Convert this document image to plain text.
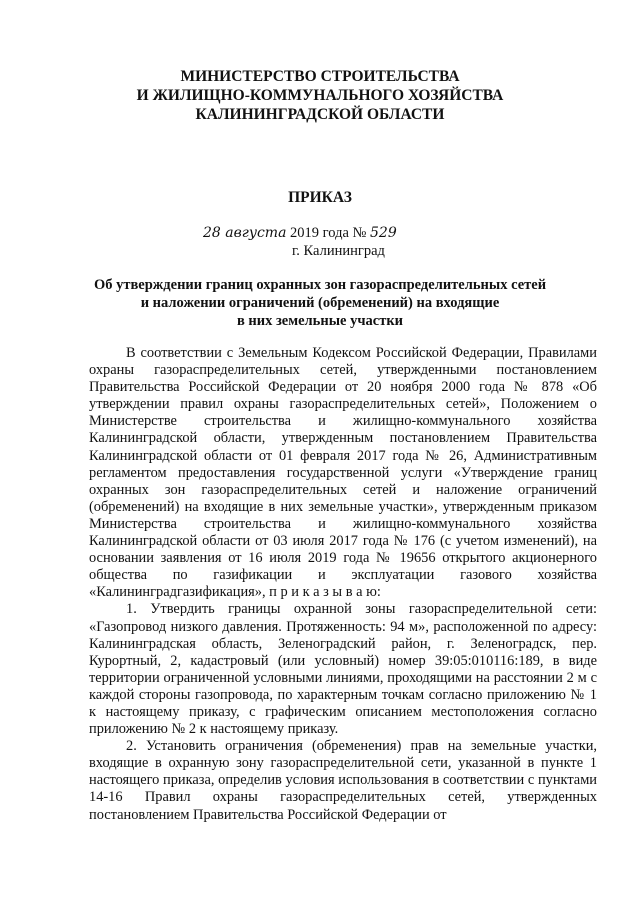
МИНИСТЕРСТВО СТРОИТЕЛЬСТВА
И ЖИЛИЩНО-КОММУНАЛЬНОГО ХОЗЯЙСТВА
КАЛИНИНГРАДСКОЙ ОБЛАСТИ
ПРИКАЗ
28 августа 2019 года № 529
г. Калининград
Об утверждении границ охранных зон газораспределительных сетей
и наложении ограничений (обременений) на входящие
в них земельные участки

В соответствии с Земельным Кодексом Российской Федерации, Правилами охраны газораспределительных сетей, утвержденными постановлением Правительства Российской Федерации от 20 ноября 2000 года № 878 «Об утверждении правил охраны газораспределительных сетей», Положением о Министерстве строительства и жилищно-коммунального хозяйства Калининградской области, утвержденным постановлением Правительства Калининградской области от 01 февраля 2017 года № 26, Административным регламентом предоставления государственной услуги «Утверждение границ охранных зон газораспределительных сетей и наложение ограничений (обременений) на входящие в них земельные участки», утвержденным приказом Министерства строительства и жилищно-коммунального хозяйства Калининградской области от 03 июля 2017 года № 176 (с учетом изменений), на основании заявления от 16 июля 2019 года № 19656 открытого акционерного общества по газификации и эксплуатации газового хозяйства «Калининградгазификация», п р и к а з ы в а ю:

1. Утвердить границы охранной зоны газораспределительной сети: «Газопровод низкого давления. Протяженность: 94 м», расположенной по адресу: Калининградская область, Зеленоградский район, г. Зеленоградск, пер. Курортный, 2, кадастровый (или условный) номер 39:05:010116:189, в виде территории ограниченной условными линиями, проходящими на расстоянии 2 м с каждой стороны газопровода, по характерным точкам согласно приложению № 1 к настоящему приказу, с графическим описанием местоположения согласно приложению № 2 к настоящему приказу.

2. Установить ограничения (обременения) прав на земельные участки, входящие в охранную зону газораспределительной сети, указанной в пункте 1 настоящего приказа, определив условия использования в соответствии с пунктами 14-16 Правил охраны газораспределительных сетей, утвержденных постановлением Правительства Российской Федерации от
